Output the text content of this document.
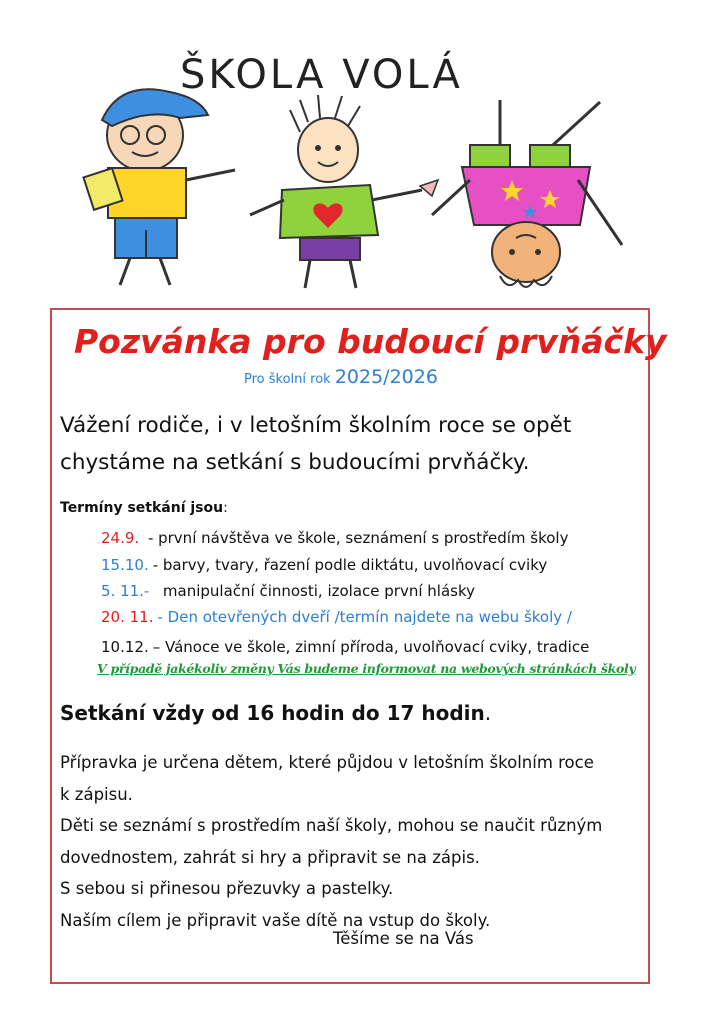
ŠKOLA VOLÁ
Pozvánka pro budoucí prvňáčky
Pro školní rok 2025/2026
Vážení rodiče, i v letošním školním roce se opět
chystáme na setkání s budoucími prvňáčky.
Termíny setkání jsou:
24.9. - první návštěva ve škole, seznámení s prostředím školy
15.10. - barvy, tvary, řazení podle diktátu, uvolňovací cviky
5. 11.-  manipulační činnosti, izolace první hlásky
20. 11. - Den otevřených dveří /termín najdete na webu školy /
10.12. – Vánoce ve škole, zimní příroda, uvolňovací cviky, tradice
V případě jakékoliv změny Vás budeme informovat na webových stránkách školy
Setkání vždy od 16 hodin do 17 hodin.

Přípravka je určena dětem, které půjdou v letošním školním roce

k zápisu.

Děti se seznámí s prostředím naší školy, mohou se naučit různým

dovednostem, zahrát si hry a připravit se na zápis.

S sebou si přinesou přezuvky a pastelky.

Naším cílem je připravit vaše dítě na vstup do školy.

Těšíme se na Vás
